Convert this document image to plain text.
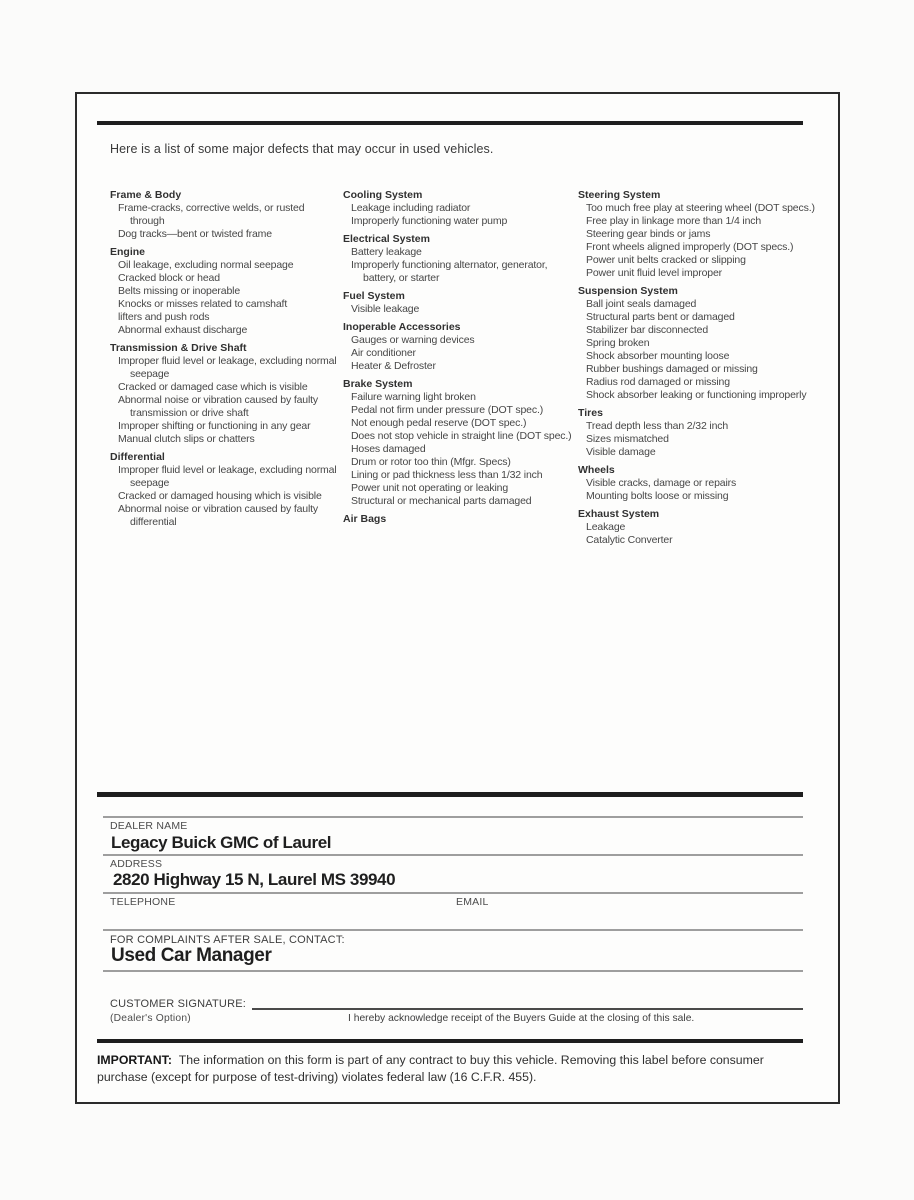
Here is a list of some major defects that may occur in used vehicles.
Frame & Body
Frame-cracks, corrective welds, or rusted through
Dog tracks—bent or twisted frame
Engine
Oil leakage, excluding normal seepage
Cracked block or head
Belts missing or inoperable
Knocks or misses related to camshaft
lifters and push rods
Abnormal exhaust discharge
Transmission & Drive Shaft
Improper fluid level or leakage, excluding normal seepage
Cracked or damaged case which is visible
Abnormal noise or vibration caused by faulty transmission or drive shaft
Improper shifting or functioning in any gear
Manual clutch slips or chatters
Differential
Improper fluid level or leakage, excluding normal seepage
Cracked or damaged housing which is visible
Abnormal noise or vibration caused by faulty differential
Cooling System
Leakage including radiator
Improperly functioning water pump
Electrical System
Battery leakage
Improperly functioning alternator, generator, battery, or starter
Fuel System
Visible leakage
Inoperable Accessories
Gauges or warning devices
Air conditioner
Heater & Defroster
Brake System
Failure warning light broken
Pedal not firm under pressure (DOT spec.)
Not enough pedal reserve (DOT spec.)
Does not stop vehicle in straight line (DOT spec.)
Hoses damaged
Drum or rotor too thin (Mfgr. Specs)
Lining or pad thickness less than 1/32 inch
Power unit not operating or leaking
Structural or mechanical parts damaged
Air Bags
Steering System
Too much free play at steering wheel (DOT specs.)
Free play in linkage more than 1/4 inch
Steering gear binds or jams
Front wheels aligned improperly (DOT specs.)
Power unit belts cracked or slipping
Power unit fluid level improper
Suspension System
Ball joint seals damaged
Structural parts bent or damaged
Stabilizer bar disconnected
Spring broken
Shock absorber mounting loose
Rubber bushings damaged or missing
Radius rod damaged or missing
Shock absorber leaking or functioning improperly
Tires
Tread depth less than 2/32 inch
Sizes mismatched
Visible damage
Wheels
Visible cracks, damage or repairs
Mounting bolts loose or missing
Exhaust System
Leakage
Catalytic Converter
DEALER NAME
Legacy Buick GMC of Laurel
ADDRESS
2820 Highway 15 N, Laurel MS 39940
TELEPHONE	EMAIL
FOR COMPLAINTS AFTER SALE, CONTACT:
Used Car Manager
CUSTOMER SIGNATURE:
(Dealer's Option)	I hereby acknowledge receipt of the Buyers Guide at the closing of this sale.
IMPORTANT:  The information on this form is part of any contract to buy this vehicle. Removing this label before consumer purchase (except for purpose of test-driving) violates federal law (16 C.F.R. 455).
